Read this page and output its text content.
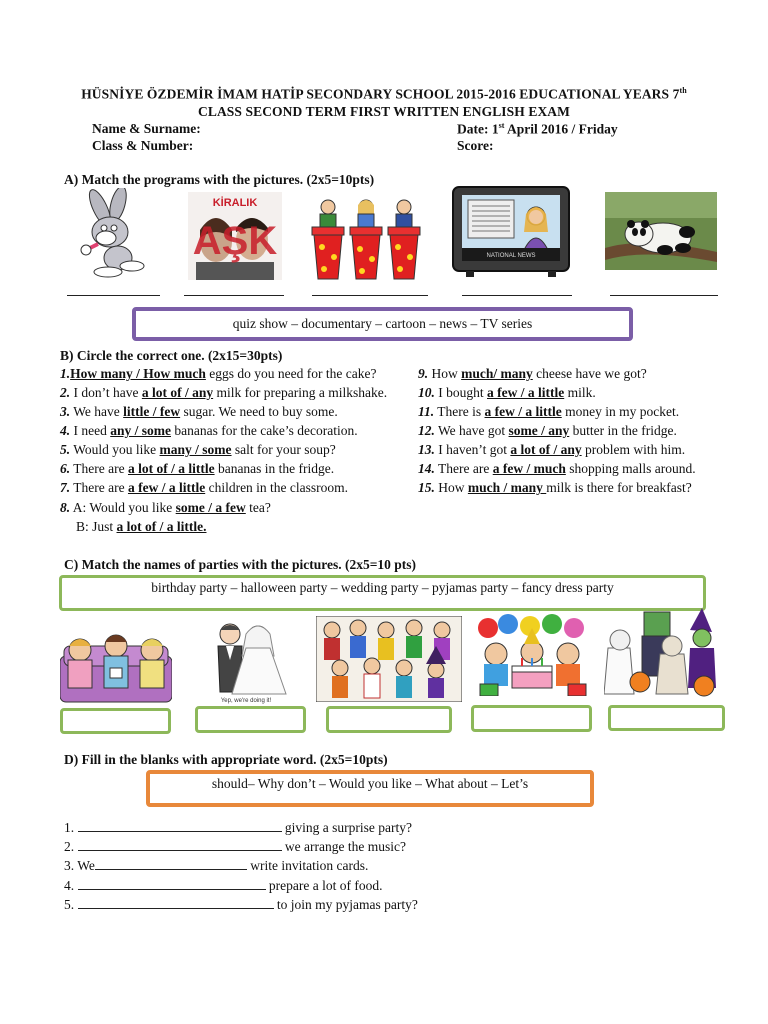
HÜSNİYE ÖZDEMİR İMAM HATİP SECONDARY SCHOOL 2015-2016 EDUCATIONAL YEARS 7th
CLASS SECOND TERM FIRST WRITTEN ENGLISH EXAM
Name & Surname:
Class & Number:
Date: 1st April 2016 / Friday
Score:
A) Match the programs with the pictures. (2x5=10pts)
KİRALIK
AŞK	NATIONAL NEWS
quiz show – documentary – cartoon – news – TV series
B) Circle the correct one. (2x15=30pts)
1.How many / How much eggs do you need for the cake?
2. I don’t have a lot of / any milk for preparing a milkshake.
3. We have little / few sugar. We need to buy some.
4. I need any / some bananas for the cake’s decoration.
5. Would you like many / some salt for your soup?
6. There are a lot of / a little bananas in the fridge.
7. There are a few / a little children in the classroom.
9. How much/ many cheese have we got?
10. I bought a few / a little milk.
11. There is a few / a little money in my pocket.
12. We have got some / any butter in the fridge.
13. I haven’t got a lot of / any problem with him.
14. There are a few / much shopping malls around.
15. How much / many milk is there for breakfast?
8. A: Would you like some / a few tea?
B: Just a lot of / a little.
C) Match the names of parties with the pictures. (2x5=10 pts)
birthday party – halloween party – wedding party – pyjamas party – fancy dress party
Yep, we're doing it!
D) Fill in the blanks with appropriate word. (2x5=10pts)
should– Why don’t – Would you like – What about – Let’s
1.	giving a surprise party?
2.	we arrange the music?
3. We	write invitation cards.
4.	prepare a lot of food.
5.	to join my pyjamas party?
